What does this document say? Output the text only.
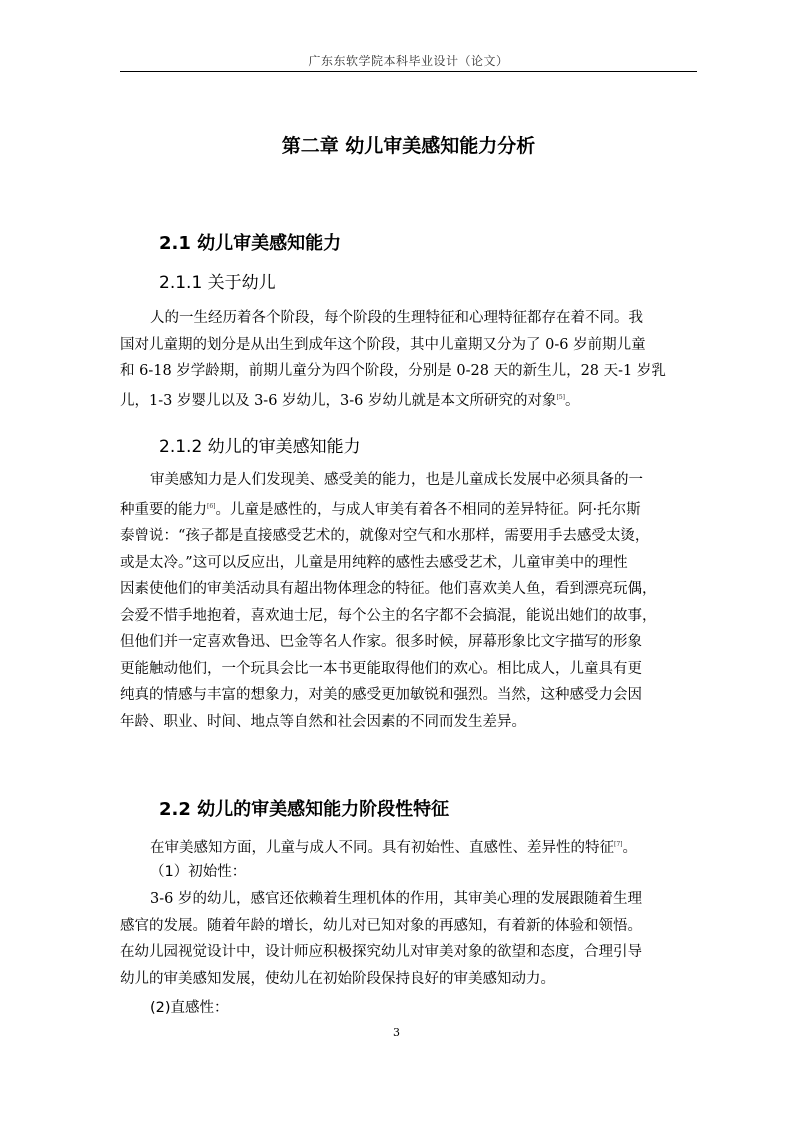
广东东软学院本科毕业设计（论文）
第二章 幼儿审美感知能力分析
2.1 幼儿审美感知能力
2.1.1 关于幼儿

人的一生经历着各个阶段，每个阶段的生理特征和心理特征都存在着不同。我

国对儿童期的划分是从出生到成年这个阶段，其中儿童期又分为了 0-6 岁前期儿童

和 6-18 岁学龄期，前期儿童分为四个阶段，分别是 0-28 天的新生儿，28 天-1 岁乳

儿，1-3 岁婴儿以及 3-6 岁幼儿，3-6 岁幼儿就是本文所研究的对象[5]。

2.1.2 幼儿的审美感知能力

审美感知力是人们发现美、感受美的能力，也是儿童成长发展中必须具备的一

种重要的能力[6]。儿童是感性的，与成人审美有着各不相同的差异特征。阿·托尔斯

泰曾说：“孩子都是直接感受艺术的，就像对空气和水那样，需要用手去感受太烫，

或是太冷。”这可以反应出，儿童是用纯粹的感性去感受艺术，儿童审美中的理性

因素使他们的审美活动具有超出物体理念的特征。他们喜欢美人鱼，看到漂亮玩偶，

会爱不惜手地抱着，喜欢迪士尼，每个公主的名字都不会搞混，能说出她们的故事，

但他们并一定喜欢鲁迅、巴金等名人作家。很多时候，屏幕形象比文字描写的形象

更能触动他们，一个玩具会比一本书更能取得他们的欢心。相比成人，儿童具有更

纯真的情感与丰富的想象力，对美的感受更加敏锐和强烈。当然，这种感受力会因

年龄、职业、时间、地点等自然和社会因素的不同而发生差异。

2.2 幼儿的审美感知能力阶段性特征

在审美感知方面，儿童与成人不同。具有初始性、直感性、差异性的特征[7]。

（1）初始性：

3-6 岁的幼儿，感官还依赖着生理机体的作用，其审美心理的发展跟随着生理

感官的发展。随着年龄的增长，幼儿对已知对象的再感知，有着新的体验和领悟。

在幼儿园视觉设计中，设计师应积极探究幼儿对审美对象的欲望和态度，合理引导

幼儿的审美感知发展，使幼儿在初始阶段保持良好的审美感知动力。

(2)直感性：
3
